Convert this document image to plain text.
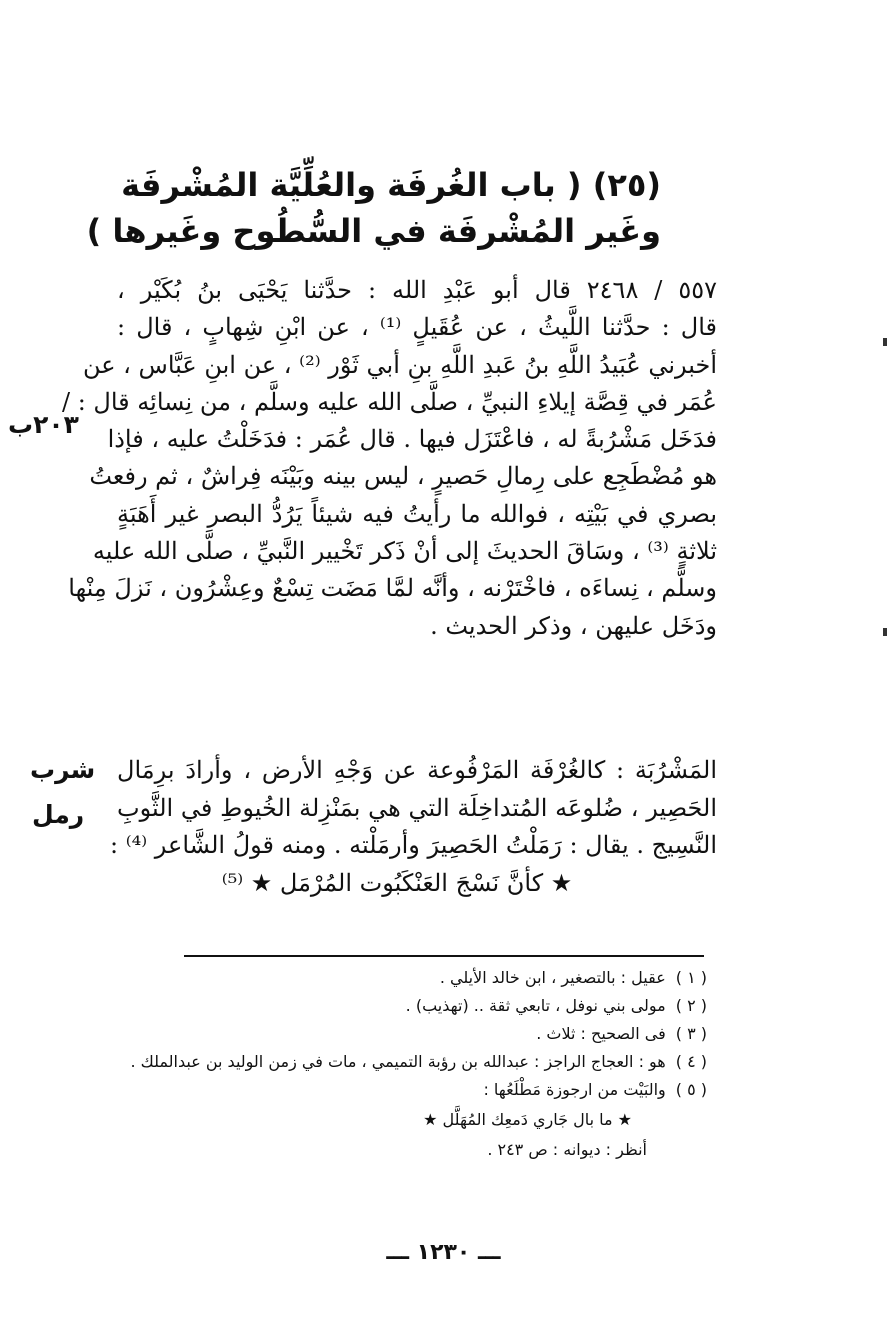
(٢٥) ( باب الغُرفَة والعُلِّيَّة المُشْرفَة
وغَير المُشْرفَة في السُّطُوح وغَيرها )
٥٥٧ / ٢٤٦٨ قال أبو عَبْدِ الله : حدَّثنا يَحْيَى بنُ بُكَيْر ،
قال : حدَّثنا اللَّيثُ ، عن عُقَيلٍ ⁽¹⁾ ، عن ابْنِ شِهابٍ ، قال :
أخبرني عُبَيدُ اللَّهِ بنُ عَبدِ اللَّهِ بنِ أبي ثَوْر ⁽²⁾ ، عن ابنِ عَبَّاس ، عن
عُمَر في قِصَّة إيلاءِ النبيِّ ، صلَّى الله عليه وسلَّم ، من نِسائِه قال : /
فدَخَل مَشْرُبةً له ، فاعْتَزَل فيها . قال عُمَر : فدَخَلْتُ عليه ، فإذا
هو مُضْطَجِع على رِمالِ حَصيرٍ ، ليس بينه وبَيْنَه فِراشٌ ، ثم رفعتُ
بصري في بَيْتِه ، فوالله ما رأيتُ فيه شيئاً يَرُدُّ البصر غير أَهَبَةٍ
ثلاثةٍ ⁽³⁾ ، وسَاقَ الحديثَ إلى أنْ ذَكر تَخْيير النَّبيِّ ، صلَّى الله عليه
وسلَّم ، نِساءَه ، فاخْتَرْنه ، وأنَّه لمَّا مَضَت تِسْعٌ وعِشْرُون ، نَزلَ مِنْها
ودَخَل عليهن ، وذكر الحديث .
٢٠٣ب
شرب
رمل
المَشْرُبَة : كالغُرْفَة المَرْفُوعة عن وَجْهِ الأرض ، وأرادَ برِمَال
الحَصِير ، ضُلوعَه المُتداخِلَة التي هي بمَنْزِلة الخُيوطِ في الثَّوبِ
النَّسِيج . يقال : رَمَلْتُ الحَصِيرَ وأرمَلْته . ومنه قولُ الشَّاعر ⁽⁴⁾ :
★ كأنَّ نَسْجَ العَنْكَبُوت المُرْمَل ★ ⁽⁵⁾
( ١ )عقيل : بالتصغير ، ابن خالد الأيلي .
( ٢ )مولى بني نوفل ، تابعي ثقة .. (تهذيب) .
( ٣ )فى الصحيح : ثلاث .
( ٤ )هو : العجاج الراجز : عبدالله بن رؤبة التميمي ، مات في زمن الوليد بن عبدالملك .
( ٥ )والبَيْت من ارجوزة مَطْلَعُها :
★ ما بال جَاري دَمعِك المُهَلَّل ★
أنظر : ديوانه : ص ٢٤٣ .
ـــ ١٢٣٠ ـــ
